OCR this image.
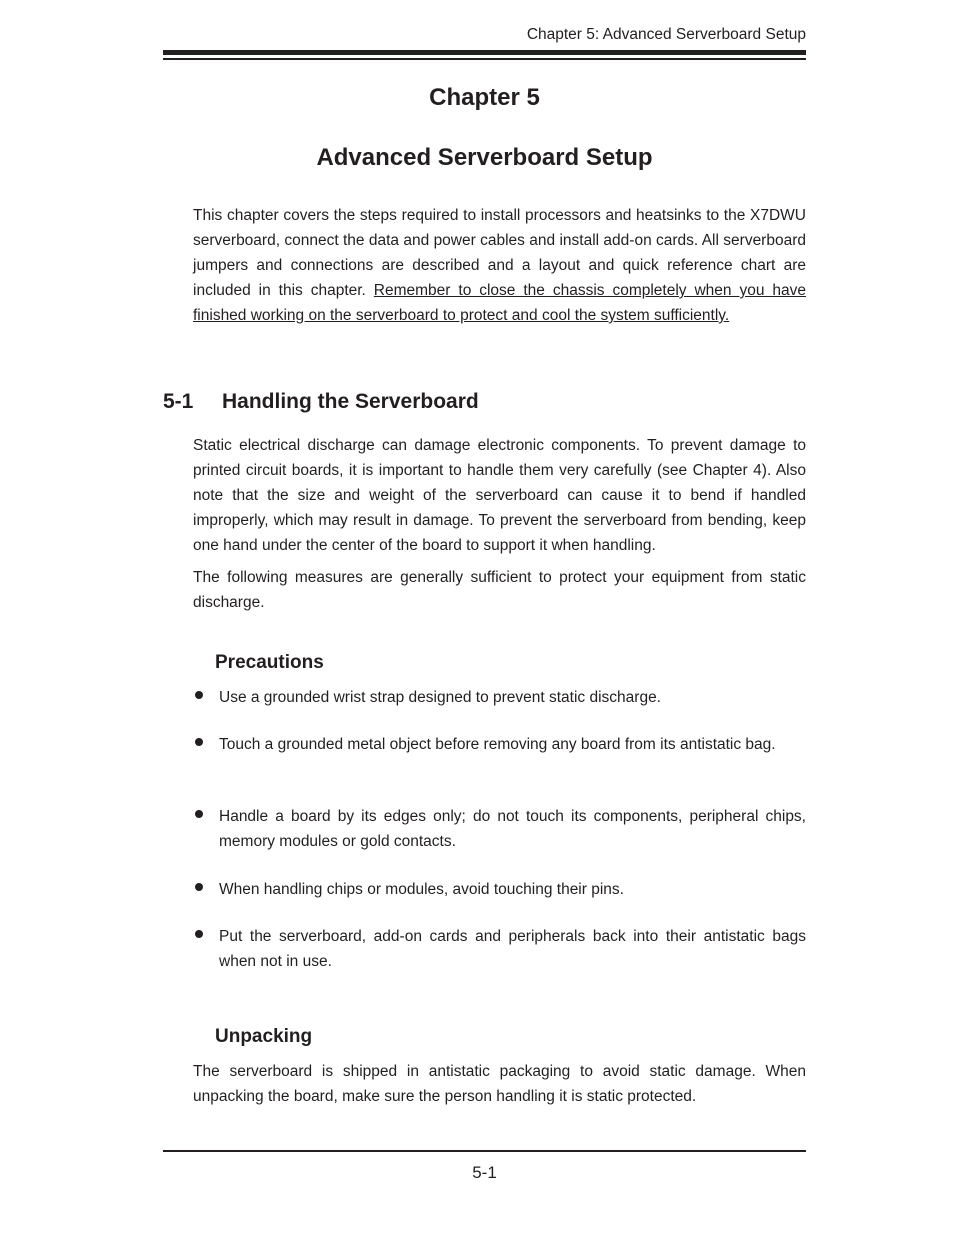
Chapter 5: Advanced Serverboard Setup
Chapter 5
Advanced Serverboard Setup

This chapter covers the steps required to install processors and heatsinks to the X7DWU serverboard, connect the data and power cables and install add-on cards. All serverboard jumpers and connections are described and a layout and quick reference chart are included in this chapter. Remember to close the chassis completely when you have finished working on the serverboard to protect and cool the system sufficiently.

5-1 Handling the Serverboard

Static electrical discharge can damage electronic components. To prevent damage to printed circuit boards, it is important to handle them very carefully (see Chapter 4). Also note that the size and weight of the serverboard can cause it to bend if handled improperly, which may result in damage. To prevent the serverboard from bending, keep one hand under the center of the board to support it when handling.

The following measures are generally sufficient to protect your equipment from static discharge.

Precautions
Use a grounded wrist strap designed to prevent static discharge.
Touch a grounded metal object before removing any board from its antistatic bag.
Handle a board by its edges only; do not touch its components, peripheral chips, memory modules or gold contacts.
When handling chips or modules, avoid touching their pins.
Put the serverboard, add-on cards and peripherals back into their antistatic bags when not in use.
Unpacking

The serverboard is shipped in antistatic packaging to avoid static damage. When unpacking the board, make sure the person handling it is static protected.

5-1
